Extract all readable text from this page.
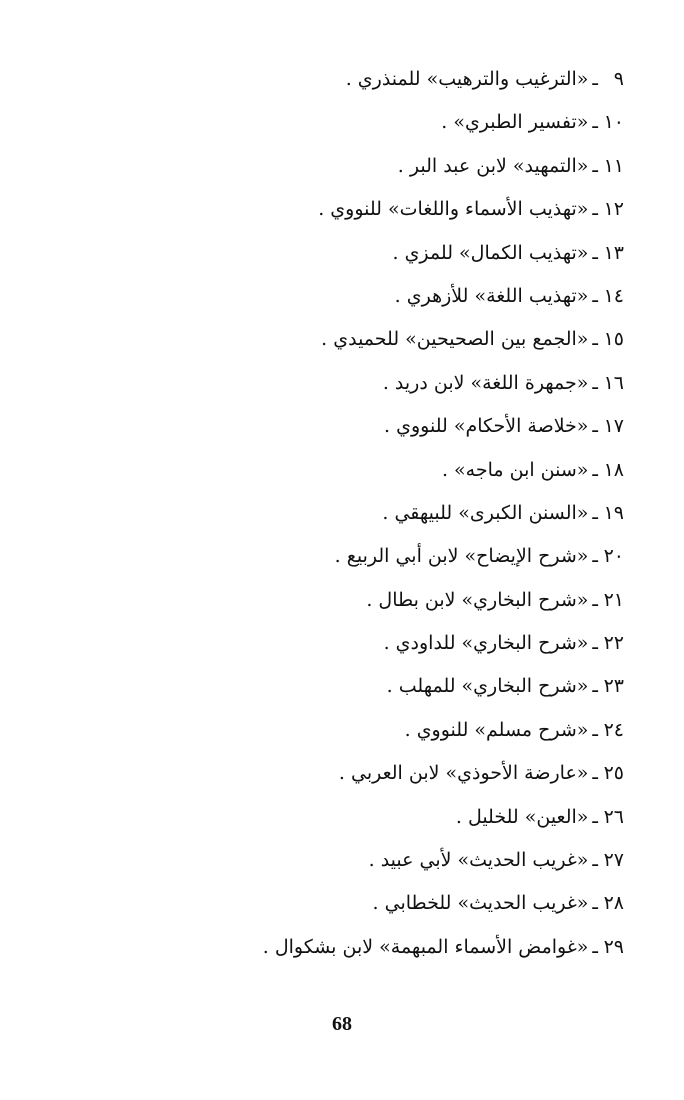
٩ـ«الترغيب والترهيب» للمنذري .
١٠ـ«تفسير الطبري» .
١١ـ«التمهيد» لابن عبد البر .
١٢ـ«تهذيب الأسماء واللغات» للنووي .
١٣ـ«تهذيب الكمال» للمزي .
١٤ـ«تهذيب اللغة» للأزهري .
١٥ـ«الجمع بين الصحيحين» للحميدي .
١٦ـ«جمهرة اللغة» لابن دريد .
١٧ـ«خلاصة الأحكام» للنووي .
١٨ـ«سنن ابن ماجه» .
١٩ـ«السنن الكبرى» للبيهقي .
٢٠ـ«شرح الإيضاح» لابن أبي الربيع .
٢١ـ«شرح البخاري» لابن بطال .
٢٢ـ«شرح البخاري» للداودي .
٢٣ـ«شرح البخاري» للمهلب .
٢٤ـ«شرح مسلم» للنووي .
٢٥ـ«عارضة الأحوذي» لابن العربي .
٢٦ـ«العين» للخليل .
٢٧ـ«غريب الحديث» لأبي عبيد .
٢٨ـ«غريب الحديث» للخطابي .
٢٩ـ«غوامض الأسماء المبهمة» لابن بشكوال .
68
